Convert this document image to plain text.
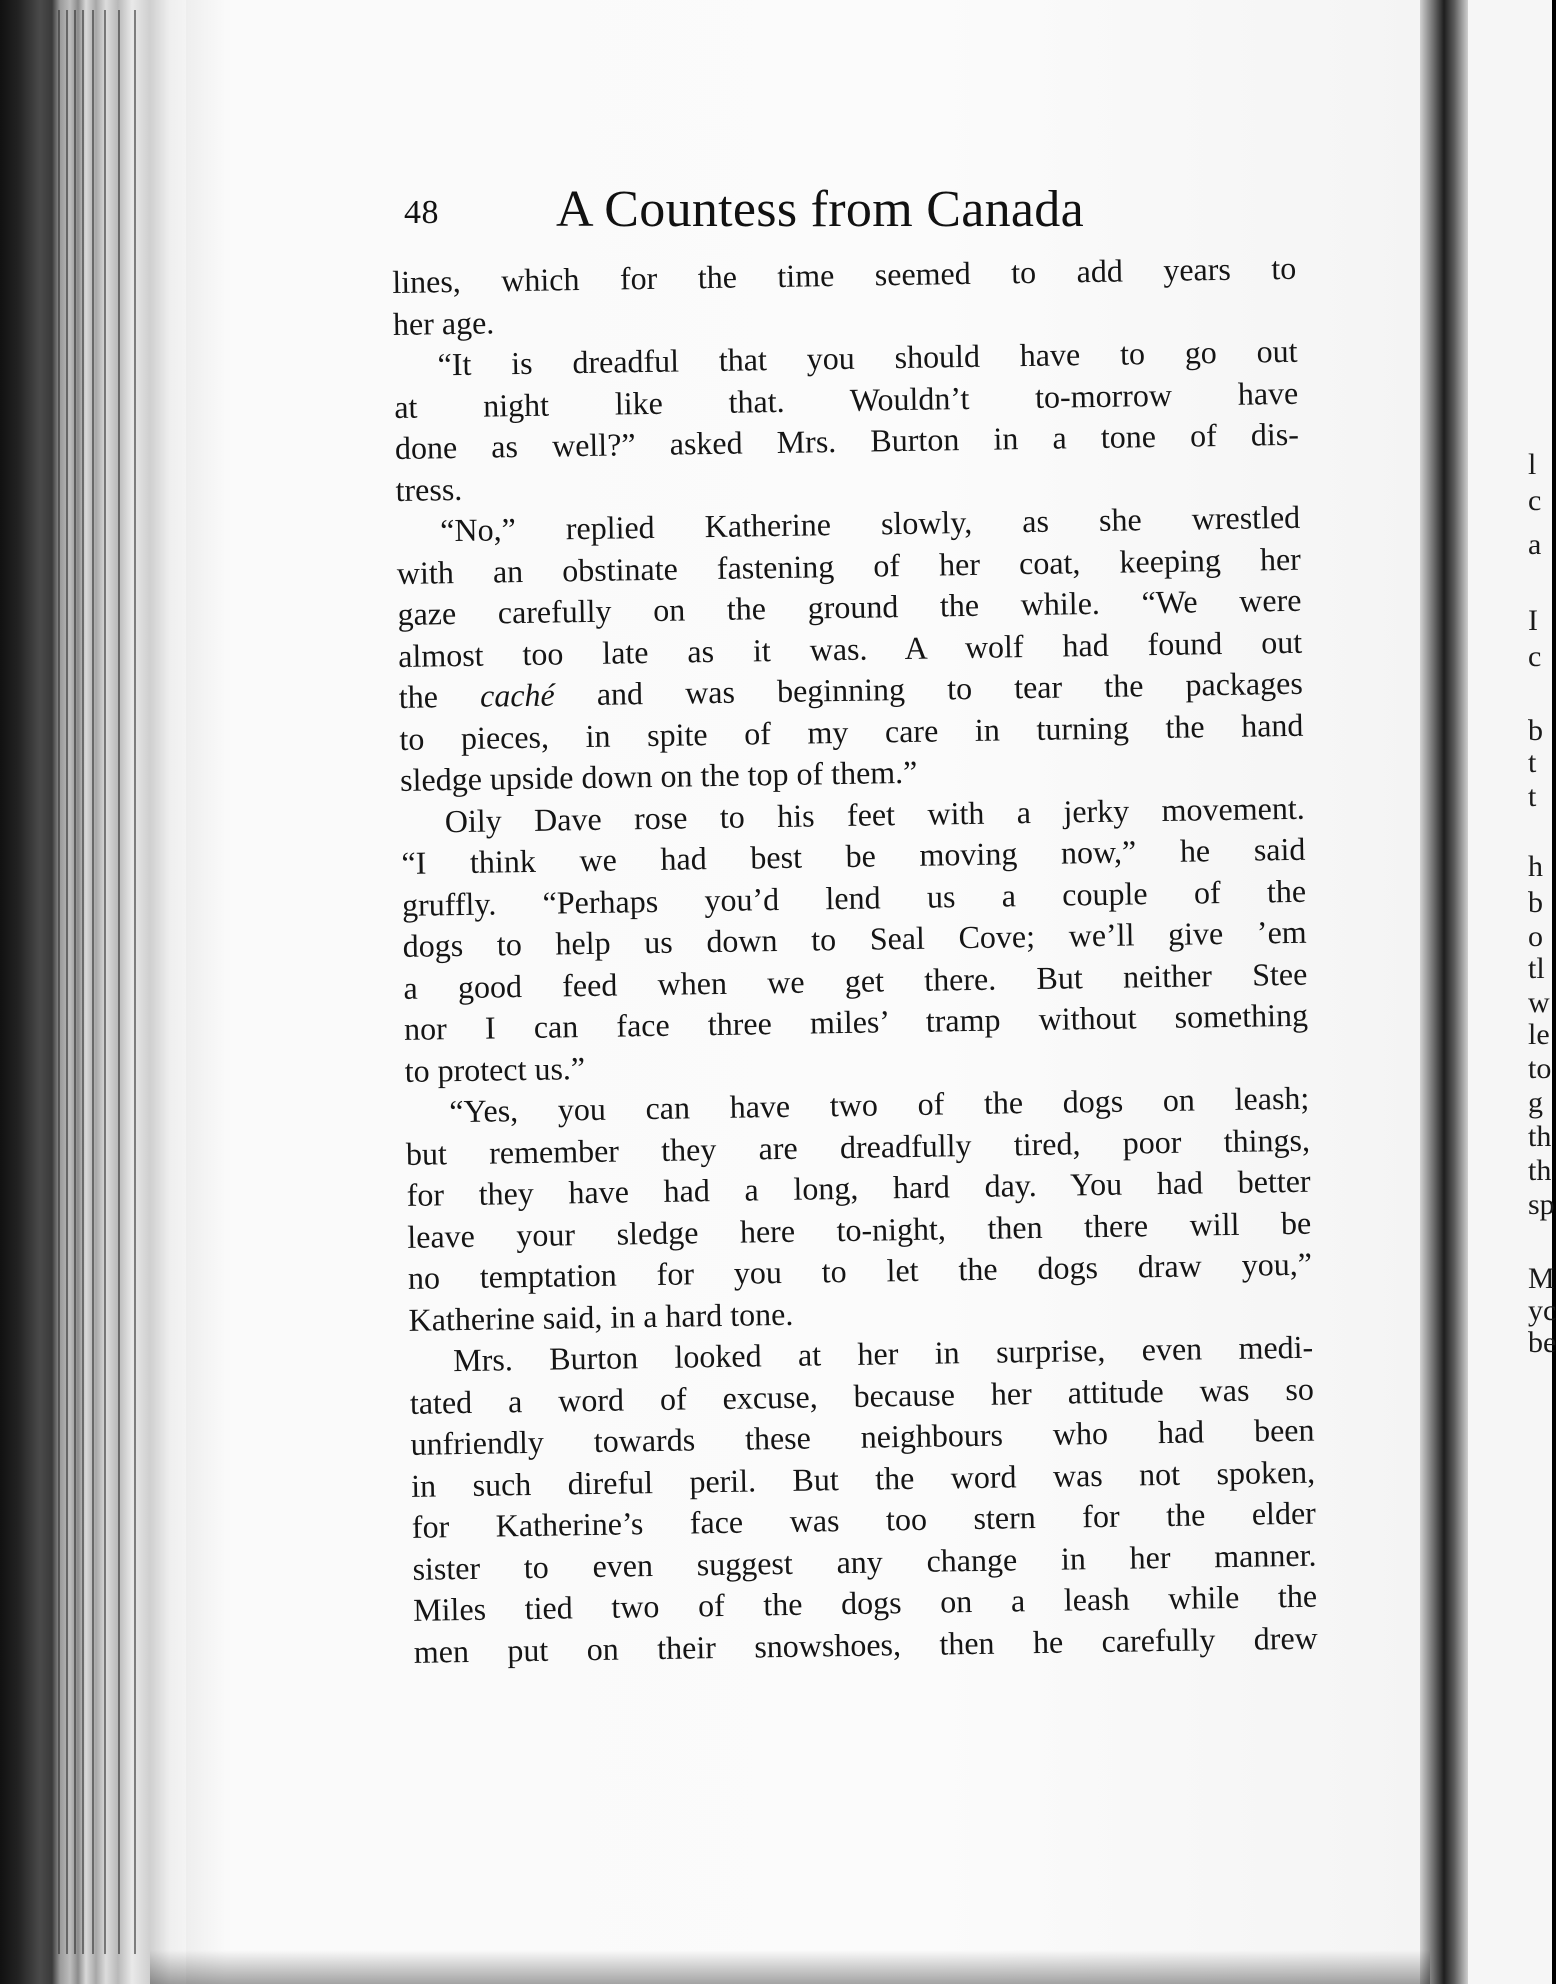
48 A Countess from Canada
lines, which for the time seemed to add years to
her age.
“It is dreadful that you should have to go out
at night like that. Wouldn’t to-morrow have
done as well?” asked Mrs. Burton in a tone of dis-
tress.
“No,” replied Katherine slowly, as she wrestled
with an obstinate fastening of her coat, keeping her
gaze carefully on the ground the while. “We were
almost too late as it was. A wolf had found out
the caché and was beginning to tear the packages
to pieces, in spite of my care in turning the hand
sledge upside down on the top of them.”
Oily Dave rose to his feet with a jerky movement.
“I think we had best be moving now,” he said
gruffly. “Perhaps you’d lend us a couple of the
dogs to help us down to Seal Cove; we’ll give ’em
a good feed when we get there. But neither Stee
nor I can face three miles’ tramp without something
to protect us.”
“Yes, you can have two of the dogs on leash;
but remember they are dreadfully tired, poor things,
for they have had a long, hard day. You had better
leave your sledge here to-night, then there will be
no temptation for you to let the dogs draw you,”
Katherine said, in a hard tone.
Mrs. Burton looked at her in surprise, even medi-
tated a word of excuse, because her attitude was so
unfriendly towards these neighbours who had been
in such direful peril. But the word was not spoken,
for Katherine’s face was too stern for the elder
sister to even suggest any change in her manner.
Miles tied two of the dogs on a leash while the
men put on their snowshoes, then he carefully drew
l
c
a
I
c
b
t
t
h
b
o
tl
w
le
to
g
th
th
sp
M
yc
be
